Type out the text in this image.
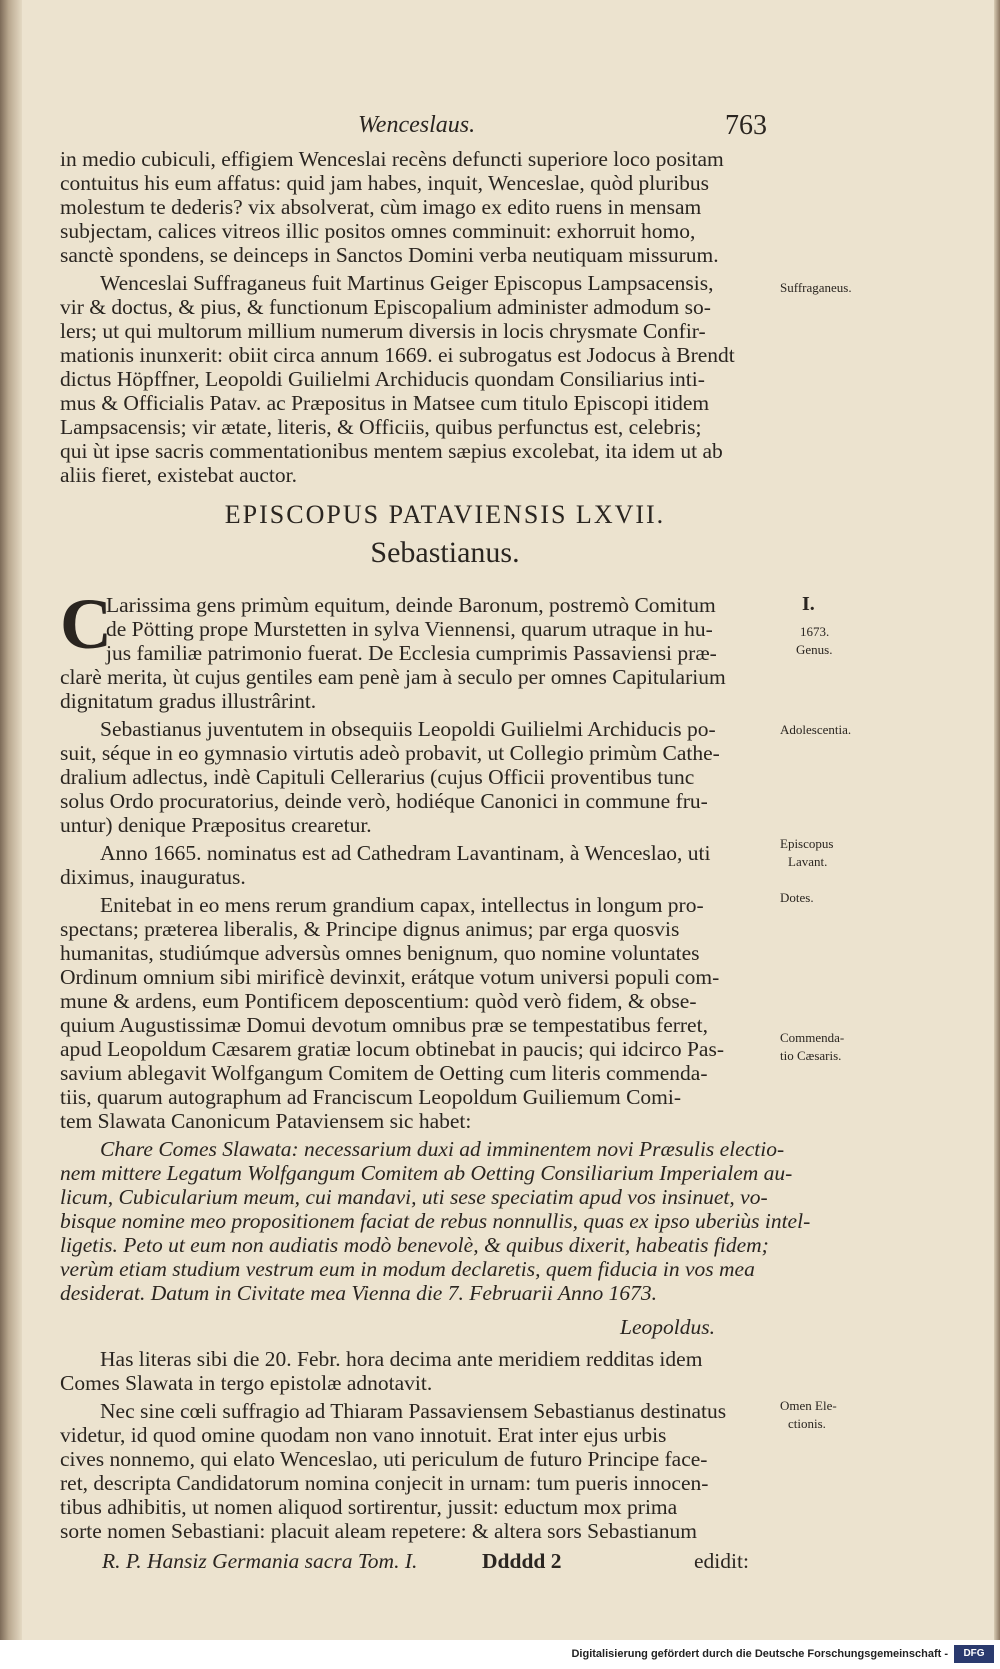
Wenceslaus.	763
in medio cubiculi, effigiem Wenceslai recèns defuncti superiore loco positam
contuitus his eum affatus: quid jam habes, inquit, Wenceslae, quòd pluribus
molestum te dederis? vix absolverat, cùm imago ex edito ruens in mensam
subjectam, calices vitreos illic positos omnes comminuit: exhorruit homo,
sanctè spondens, se deinceps in Sanctos Domini verba neutiquam missurum.
Wenceslai Suffraganeus fuit Martinus Geiger Episcopus Lampsacensis,
vir & doctus, & pius, & functionum Episcopalium administer admodum so-
lers; ut qui multorum millium numerum diversis in locis chrysmate Confir-
mationis inunxerit: obiit circa annum 1669. ei subrogatus est Jodocus à Brendt
dictus Höpffner, Leopoldi Guilielmi Archiducis quondam Consiliarius inti-
mus & Officialis Patav. ac Præpositus in Matsee cum titulo Episcopi itidem
Lampsacensis; vir ætate, literis, & Officiis, quibus perfunctus est, celebris;
qui ùt ipse sacris commentationibus mentem sæpius excolebat, ita idem ut ab
aliis fieret, existebat auctor.
EPISCOPUS PATAVIENSIS LXVII.
Sebastianus.
C
Larissima gens primùm equitum, deinde Baronum, postremò Comitum
de Pötting prope Murstetten in sylva Viennensi, quarum utraque in hu-
jus familiæ patrimonio fuerat. De Ecclesia cumprimis Passaviensi præ-
clarè merita, ùt cujus gentiles eam penè jam à seculo per omnes Capitularium
dignitatum gradus illustrârint.
Sebastianus juventutem in obsequiis Leopoldi Guilielmi Archiducis po-
suit, séque in eo gymnasio virtutis adeò probavit, ut Collegio primùm Cathe-
dralium adlectus, indè Capituli Cellerarius (cujus Officii proventibus tunc
solus Ordo procuratorius, deinde verò, hodiéque Canonici in commune fru-
untur) denique Præpositus crearetur.
Anno 1665. nominatus est ad Cathedram Lavantinam, à Wenceslao, uti
diximus, inauguratus.
Enitebat in eo mens rerum grandium capax, intellectus in longum pro-
spectans; præterea liberalis, & Principe dignus animus; par erga quosvis
humanitas, studiúmque adversùs omnes benignum, quo nomine voluntates
Ordinum omnium sibi mirificè devinxit, erátque votum universi populi com-
mune & ardens, eum Pontificem deposcentium: quòd verò fidem, & obse-
quium Augustissimæ Domui devotum omnibus præ se tempestatibus ferret,
apud Leopoldum Cæsarem gratiæ locum obtinebat in paucis; qui idcirco Pas-
savium ablegavit Wolfgangum Comitem de Oetting cum literis commenda-
tiis, quarum autographum ad Franciscum Leopoldum Guiliemum Comi-
tem Slawata Canonicum Pataviensem sic habet:
Chare Comes Slawata: necessarium duxi ad imminentem novi Præsulis electio-
nem mittere Legatum Wolfgangum Comitem ab Oetting Consiliarium Imperialem au-
licum, Cubicularium meum, cui mandavi, uti sese speciatim apud vos insinuet, vo-
bisque nomine meo propositionem faciat de rebus nonnullis, quas ex ipso uberiùs intel-
ligetis. Peto ut eum non audiatis modò benevolè, & quibus dixerit, habeatis fidem;
verùm etiam studium vestrum eum in modum declaretis, quem fiducia in vos mea
desiderat. Datum in Civitate mea Vienna die 7. Februarii Anno 1673.
Leopoldus.
Has literas sibi die 20. Febr. hora decima ante meridiem redditas idem
Comes Slawata in tergo epistolæ adnotavit.
Nec sine cœli suffragio ad Thiaram Passaviensem Sebastianus destinatus
videtur, id quod omine quodam non vano innotuit. Erat inter ejus urbis
cives nonnemo, qui elato Wenceslao, uti periculum de futuro Principe face-
ret, descripta Candidatorum nomina conjecit in urnam: tum pueris innocen-
tibus adhibitis, ut nomen aliquod sortirentur, jussit: eductum mox prima
sorte nomen Sebastiani: placuit aleam repetere: & altera sors Sebastianum
R. P. Hansiz Germania sacra Tom. I.	Ddddd 2	edidit:
Suffraganeus.
I.
1673.
Genus.
Adolescentia.
Episcopus
Lavant.
Dotes.
Commenda-
tio Cæsaris.
Omen Ele-
ctionis.
Digitalisierung gefördert durch die Deutsche Forschungsgemeinschaft -	DFG
